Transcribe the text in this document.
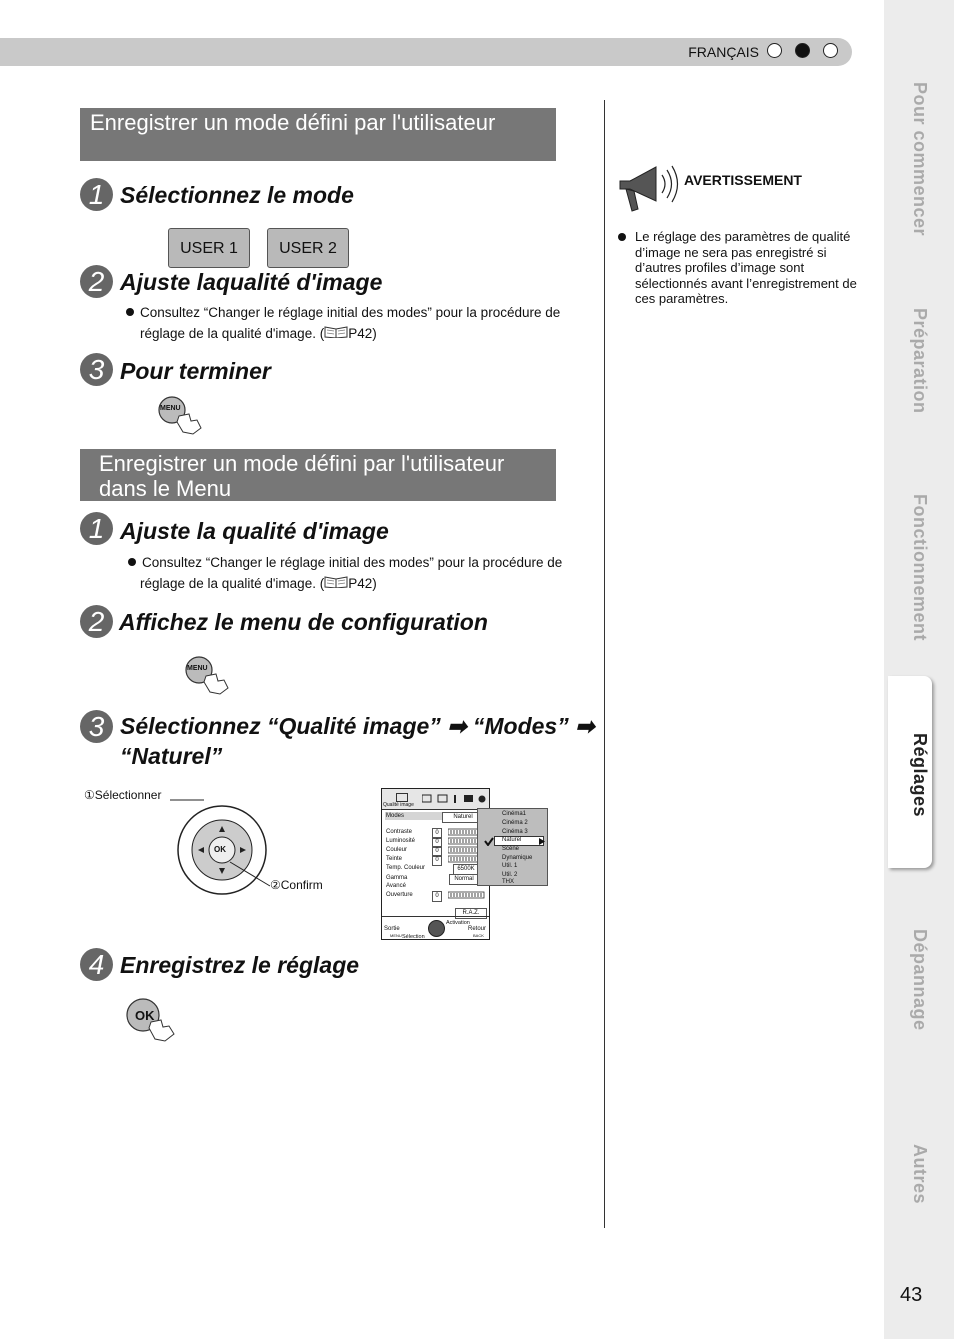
FRANÇAIS
Enregistrer un mode défini par l'utilisateur
1 Sélectionnez le mode
USER 1	USER 2
2 Ajuste laqualité d'image
Consultez “Changer le réglage initial des modes” pour la procédure de
réglage de la qualité d'image. ( P42)
3 Pour terminer
MENU
Enregistrer un mode défini par l'utilisateur dans le Menu
1 Ajuste la qualité d'image
Consultez “Changer le réglage initial des modes” pour la procédure de
réglage de la qualité d'image. ( P42)
2 Affichez le menu de configuration
MENU
3 Sélectionnez “Qualité image” ➡ “Modes” ➡
“Naturel”
①Sélectionner
②Confirm
OK
Qualité image
Modes	Naturel
Contraste	0
Luminosité	0
Couleur	0
Teinte	0
Temp. Couleur	6500K
Gamma	Normal
Avancé
Ouverture	0
R.A.Z.
Sortie
MENU Sélection
Activation
Retour
BACK
Cinéma1
Cinéma 2
Cinéma 3
Naturel
Scène
Dynamique
Util. 1
Util. 2
THX
4 Enregistrez le réglage
OK
AVERTISSEMENT
Le réglage des paramètres de qualité d’image ne sera pas enregistré si d’autres profiles d’image sont sélectionnés avant l’enregistrement de ces paramètres.
Pour commencer
Préparation
Fonctionnement
Réglages
Dépannage
Autres
43
